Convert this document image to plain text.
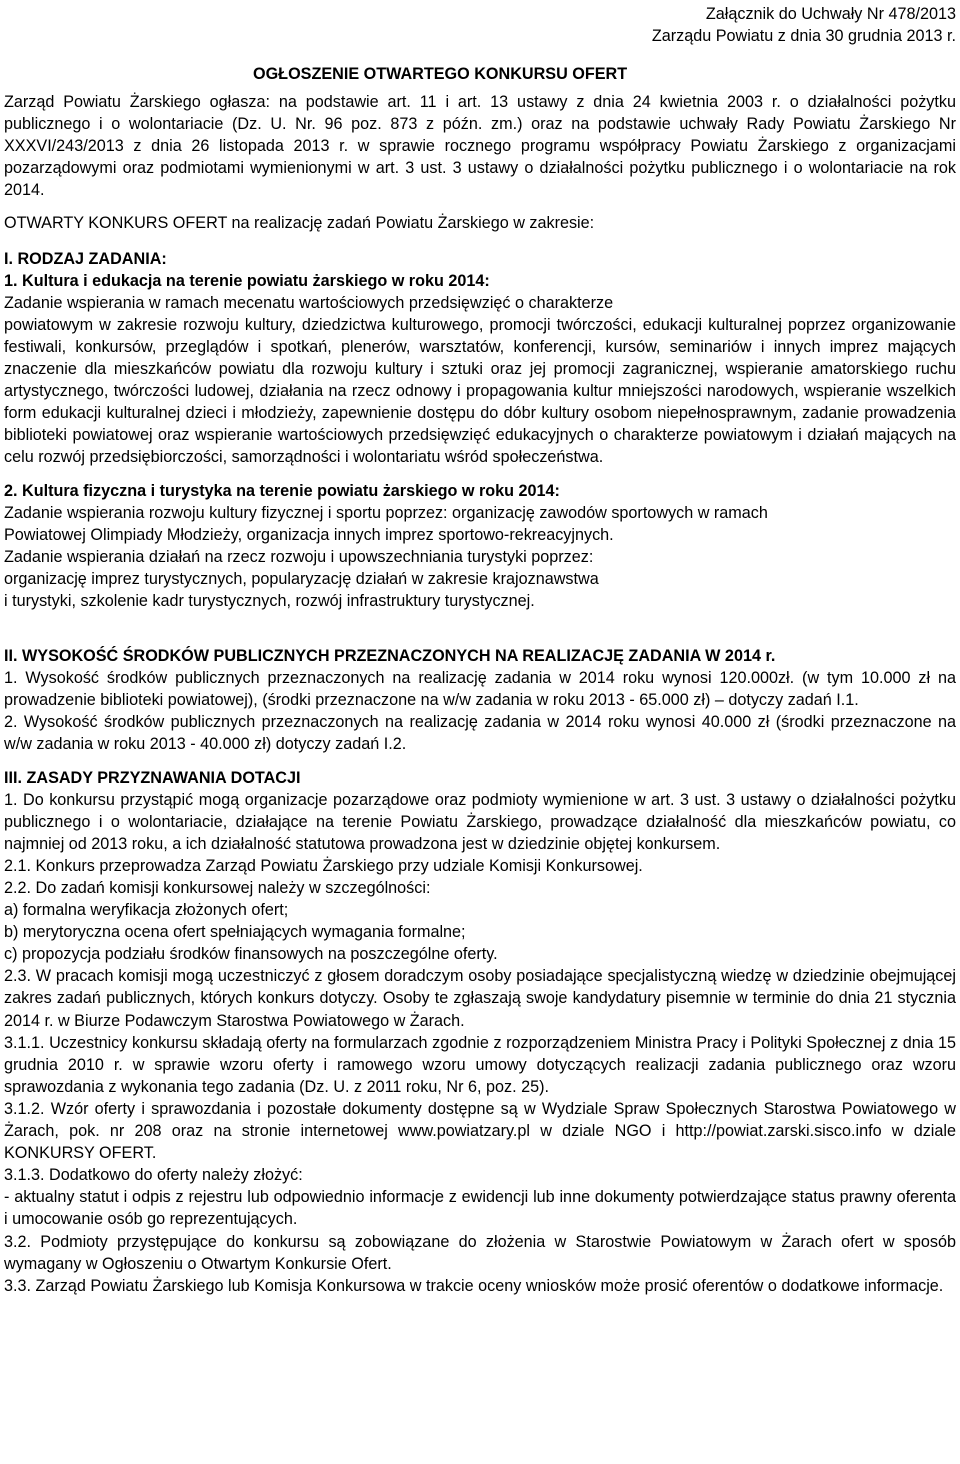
Załącznik do Uchwały Nr 478/2013
Zarządu Powiatu z dnia 30 grudnia 2013 r.
OGŁOSZENIE OTWARTEGO KONKURSU OFERT

Zarząd Powiatu Żarskiego ogłasza: na podstawie art. 11 i art. 13 ustawy z dnia 24 kwietnia 2003 r. o działalności pożytku publicznego i o wolontariacie (Dz. U. Nr. 96 poz. 873 z późn. zm.) oraz na podstawie uchwały Rady Powiatu Żarskiego Nr XXXVI/243/2013 z dnia 26 listopada 2013 r. w sprawie rocznego programu współpracy Powiatu Żarskiego z organizacjami pozarządowymi oraz podmiotami wymienionymi w art. 3 ust. 3 ustawy o działalności pożytku publicznego i o wolontariacie na rok 2014.

OTWARTY KONKURS OFERT na realizację zadań Powiatu Żarskiego w zakresie:

I. RODZAJ ZADANIA:

1. Kultura i edukacja na terenie powiatu żarskiego w roku 2014:

Zadanie wspierania w ramach mecenatu wartościowych przedsięwzięć o charakterze

powiatowym w zakresie rozwoju kultury, dziedzictwa kulturowego, promocji twórczości, edukacji kulturalnej poprzez organizowanie festiwali, konkursów, przeglądów i spotkań, plenerów, warsztatów, konferencji, kursów, seminariów i innych imprez mających znaczenie dla mieszkańców powiatu dla rozwoju kultury i sztuki oraz jej promocji zagranicznej, wspieranie amatorskiego ruchu artystycznego, twórczości ludowej, działania na rzecz odnowy i propagowania kultur mniejszości narodowych, wspieranie wszelkich form edukacji kulturalnej dzieci i młodzieży, zapewnienie dostępu do dóbr kultury osobom niepełnosprawnym, zadanie prowadzenia biblioteki powiatowej oraz wspieranie wartościowych przedsięwzięć edukacyjnych o charakterze powiatowym i działań mających na celu rozwój przedsiębiorczości, samorządności i wolontariatu wśród społeczeństwa.

2. Kultura fizyczna i turystyka na terenie powiatu żarskiego w roku 2014:

Zadanie wspierania rozwoju kultury fizycznej i sportu poprzez: organizację zawodów sportowych w ramach

Powiatowej Olimpiady Młodzieży, organizacja innych imprez sportowo-rekreacyjnych.

Zadanie wspierania działań na rzecz rozwoju i upowszechniania turystyki poprzez:

organizację imprez turystycznych, popularyzację działań w zakresie krajoznawstwa

i turystyki, szkolenie kadr turystycznych, rozwój infrastruktury turystycznej.

II. WYSOKOŚĆ ŚRODKÓW PUBLICZNYCH PRZEZNACZONYCH NA REALIZACJĘ ZADANIA W 2014 r.

1. Wysokość środków publicznych przeznaczonych na realizację zadania w 2014 roku wynosi 120.000zł. (w tym 10.000 zł na prowadzenie biblioteki powiatowej), (środki przeznaczone na w/w zadania w roku 2013 - 65.000 zł) – dotyczy zadań I.1.

2. Wysokość środków publicznych przeznaczonych na realizację zadania w 2014 roku wynosi 40.000 zł (środki przeznaczone na w/w zadania w roku 2013 - 40.000 zł) dotyczy zadań I.2.

III. ZASADY PRZYZNAWANIA DOTACJI

1. Do konkursu przystąpić mogą organizacje pozarządowe oraz podmioty wymienione w art. 3 ust. 3 ustawy o działalności pożytku publicznego i o wolontariacie, działające na terenie Powiatu Żarskiego, prowadzące działalność dla mieszkańców powiatu, co najmniej od 2013 roku, a ich działalność statutowa prowadzona jest w dziedzinie objętej konkursem.

2.1. Konkurs przeprowadza Zarząd Powiatu Żarskiego przy udziale Komisji Konkursowej.

2.2. Do zadań komisji konkursowej należy w szczególności:

a) formalna weryfikacja złożonych ofert;

b) merytoryczna ocena ofert spełniających wymagania formalne;

c) propozycja podziału środków finansowych na poszczególne oferty.

2.3. W pracach komisji mogą uczestniczyć z głosem doradczym osoby posiadające specjalistyczną wiedzę w dziedzinie obejmującej zakres zadań publicznych, których konkurs dotyczy. Osoby te zgłaszają swoje kandydatury pisemnie w terminie do dnia 21 stycznia 2014 r. w Biurze Podawczym Starostwa Powiatowego w Żarach.

3.1.1. Uczestnicy konkursu składają oferty na formularzach zgodnie z rozporządzeniem Ministra Pracy i Polityki Społecznej z dnia 15 grudnia 2010 r. w sprawie wzoru oferty i ramowego wzoru umowy dotyczących realizacji zadania publicznego oraz wzoru sprawozdania z wykonania tego zadania (Dz. U. z 2011 roku, Nr 6, poz. 25).

3.1.2. Wzór oferty i sprawozdania i pozostałe dokumenty dostępne są w Wydziale Spraw Społecznych Starostwa Powiatowego w Żarach, pok. nr 208 oraz na stronie internetowej www.powiatzary.pl w dziale NGO i http://powiat.zarski.sisco.info w dziale KONKURSY OFERT.

3.1.3. Dodatkowo do oferty należy złożyć:

- aktualny statut i odpis z rejestru lub odpowiednio informacje z ewidencji lub inne dokumenty potwierdzające status prawny oferenta i umocowanie osób go reprezentujących.

3.2. Podmioty przystępujące do konkursu są zobowiązane do złożenia w Starostwie Powiatowym w Żarach ofert w sposób wymagany w Ogłoszeniu o Otwartym Konkursie Ofert.

3.3. Zarząd Powiatu Żarskiego lub Komisja Konkursowa w trakcie oceny wniosków może prosić oferentów o dodatkowe informacje.
